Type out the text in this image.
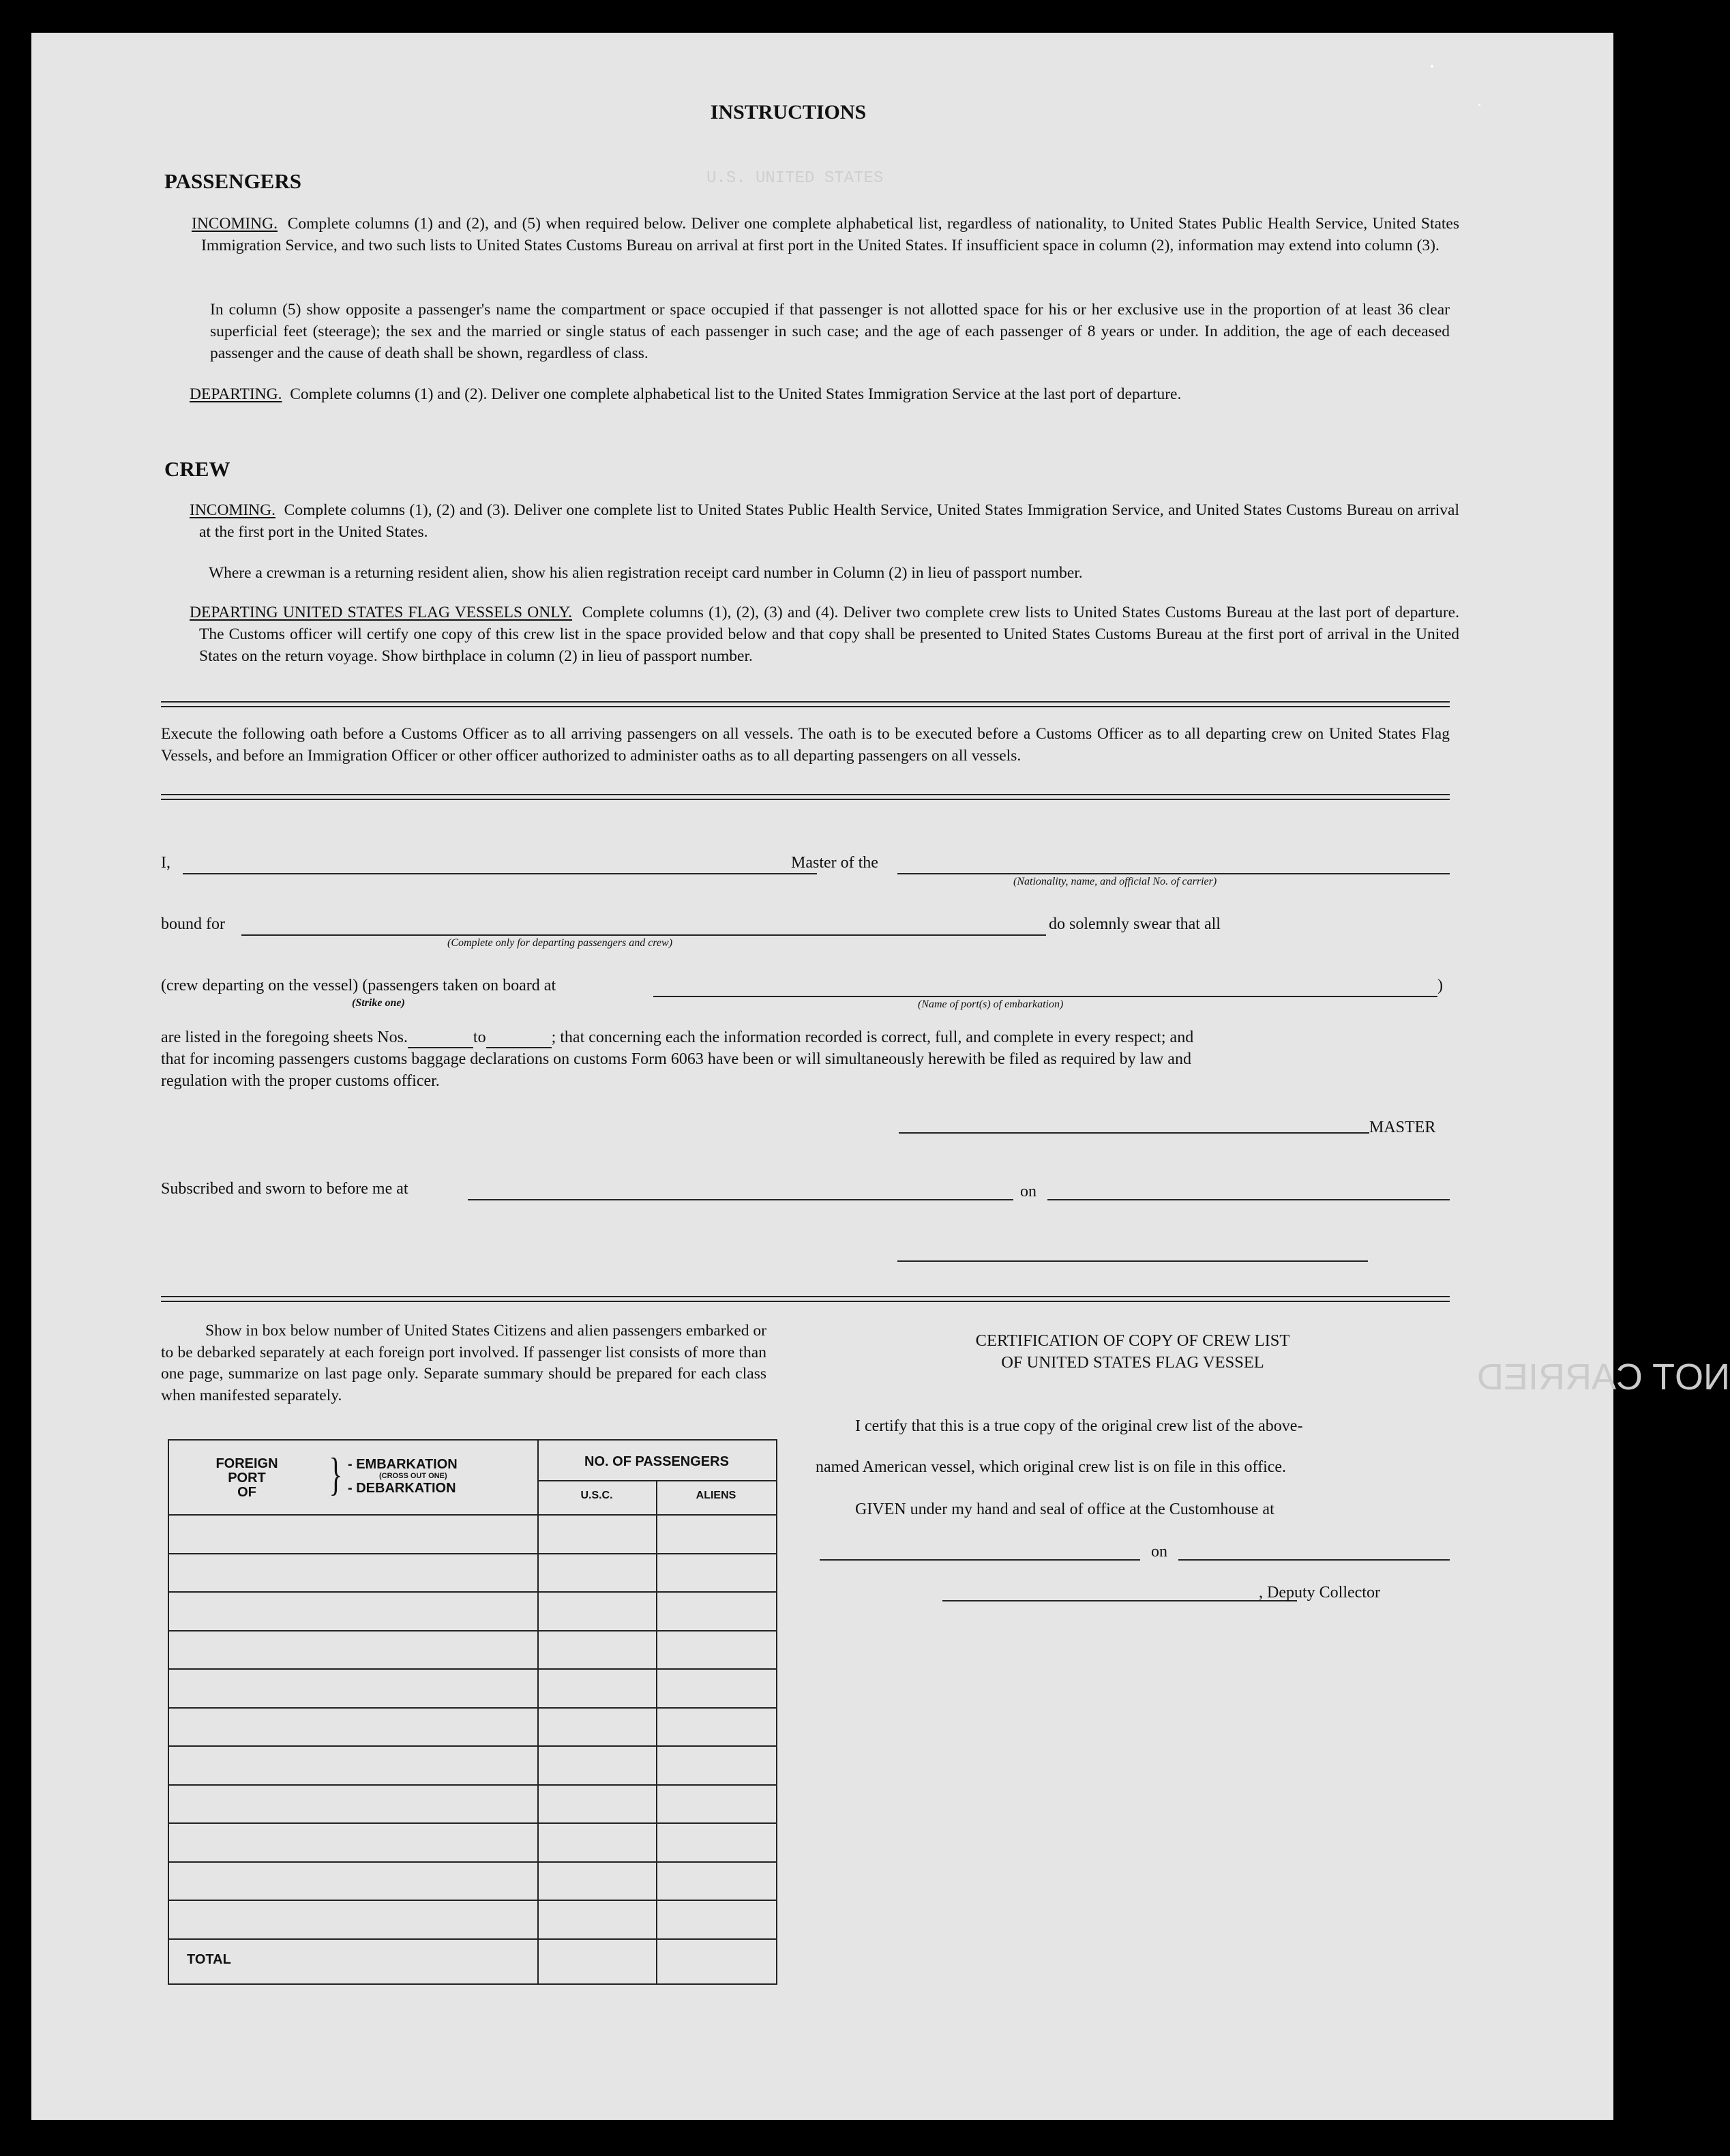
U.S. UNITED STATES
NOT CARRIED
INSTRUCTIONS
PASSENGERS
INCOMING. Complete columns (1) and (2), and (5) when required below. Deliver one complete alphabetical list, regardless of nationality, to United States Public Health Service, United States Immigration Service, and two such lists to United States Customs Bureau on arrival at first port in the United States. If insufficient space in column (2), information may extend into column (3).
In column (5) show opposite a passenger's name the compartment or space occupied if that passenger is not allotted space for his or her exclusive use in the proportion of at least 36 clear superficial feet (steerage); the sex and the married or single status of each passenger in such case; and the age of each passenger of 8 years or under. In addition, the age of each deceased passenger and the cause of death shall be shown, regardless of class.
DEPARTING. Complete columns (1) and (2). Deliver one complete alphabetical list to the United States Immigration Service at the last port of departure.
CREW
INCOMING. Complete columns (1), (2) and (3). Deliver one complete list to United States Public Health Service, United States Immigration Service, and United States Customs Bureau on arrival at the first port in the United States.
Where a crewman is a returning resident alien, show his alien registration receipt card number in Column (2) in lieu of passport number.
DEPARTING UNITED STATES FLAG VESSELS ONLY. Complete columns (1), (2), (3) and (4). Deliver two complete crew lists to United States Customs Bureau at the last port of departure. The Customs officer will certify one copy of this crew list in the space provided below and that copy shall be presented to United States Customs Bureau at the first port of arrival in the United States on the return voyage. Show birthplace in column (2) in lieu of passport number.
Execute the following oath before a Customs Officer as to all arriving passengers on all vessels. The oath is to be executed before a Customs Officer as to all departing crew on United States Flag Vessels, and before an Immigration Officer or other officer authorized to administer oaths as to all departing passengers on all vessels.
I,	Master of the
(Nationality, name, and official No. of carrier)
bound for	do solemnly swear that all
(Complete only for departing passengers and crew)
(crew departing on the vessel) (passengers taken on board at	)
(Strike one)	(Name of port(s) of embarkation)
are listed in the foregoing sheets Nos.	to	; that concerning each the information recorded is correct, full, and complete in every respect; and
that for incoming passengers customs baggage declarations on customs Form 6063 have been or will simultaneously herewith be filed as required by law and
regulation with the proper customs officer.
MASTER
Subscribed and sworn to before me at	on
Show in box below number of United States Citizens and alien passengers embarked or to be debarked separately at each foreign port involved. If passenger list consists of more than one page, summarize on last page only. Separate summary should be prepared for each class when manifested separately.
FOREIGN
PORT
OF	} - EMBARKATION
(CROSS OUT ONE)
- DEBARKATION
NO. OF PASSENGERS
U.S.C.	ALIENS
TOTAL
CERTIFICATION OF COPY OF CREW LIST
OF UNITED STATES FLAG VESSEL
I certify that this is a true copy of the original crew list of the above-
named American vessel, which original crew list is on file in this office.
GIVEN under my hand and seal of office at the Customhouse at
on
, Deputy Collector
